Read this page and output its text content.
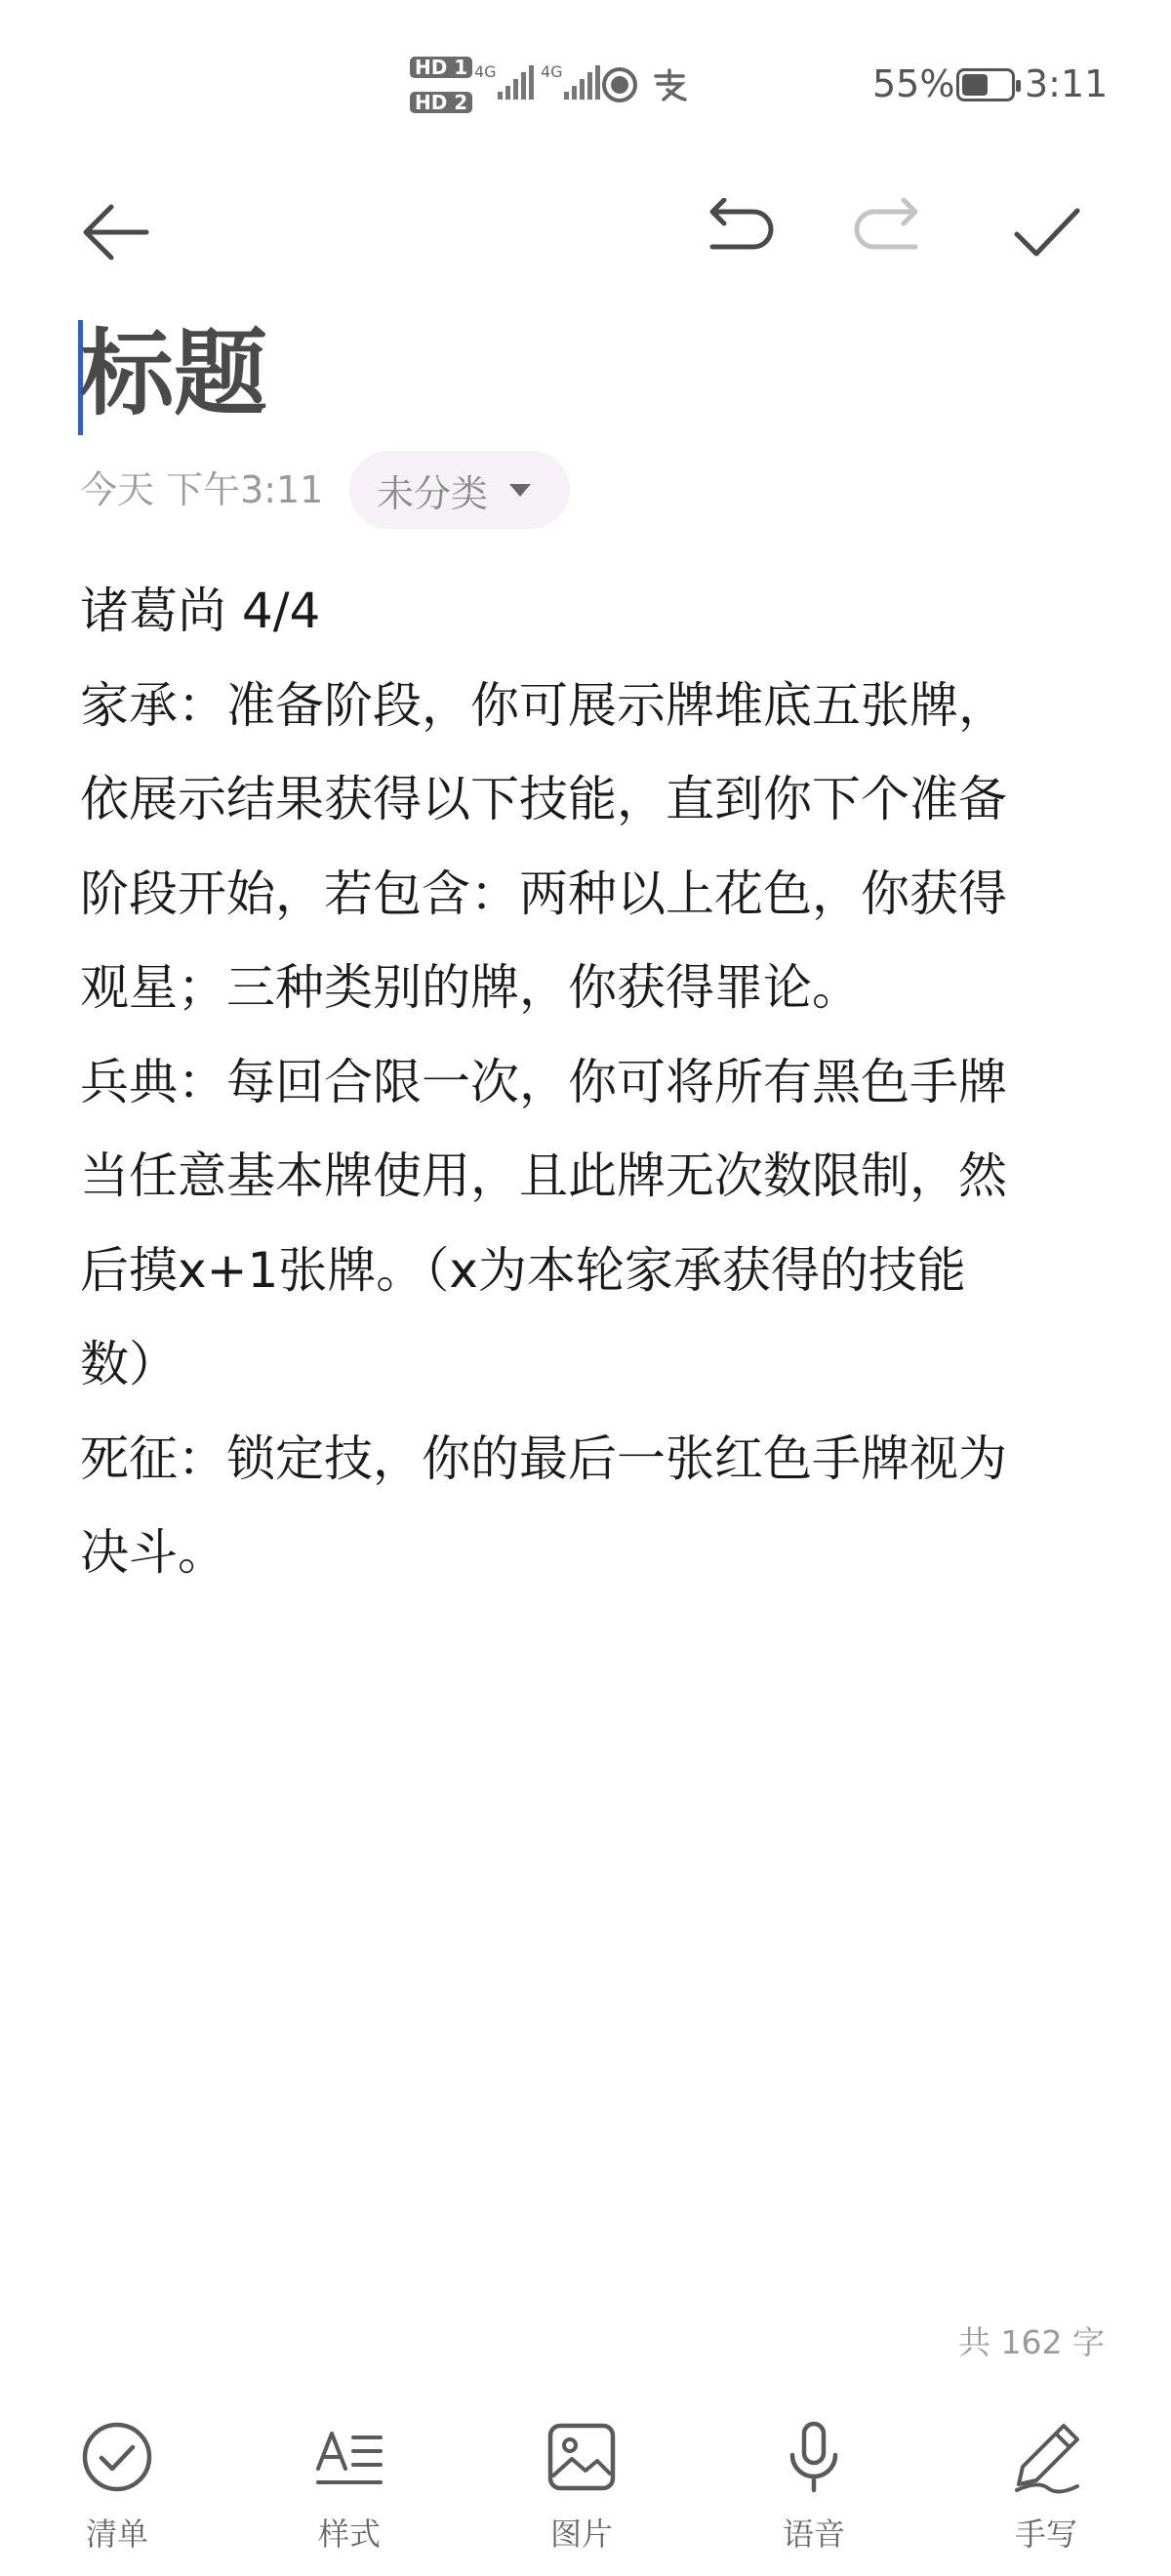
HD 1
HD 2
4G	4G	55% 3:11
标题
今天 下午3:11 未分类
诸葛尚 4/4
家承：准备阶段，你可展示牌堆底五张牌，
依展示结果获得以下技能，直到你下个准备
阶段开始，若包含：两种以上花色，你获得
观星；三种类别的牌，你获得罪论。
兵典：每回合限一次，你可将所有黑色手牌
当任意基本牌使用，且此牌无次数限制，然
后摸x+1张牌。（x为本轮家承获得的技能
数）
死征：锁定技，你的最后一张红色手牌视为
决斗。
共 162 字
清单	样式	图片	语音	手写
